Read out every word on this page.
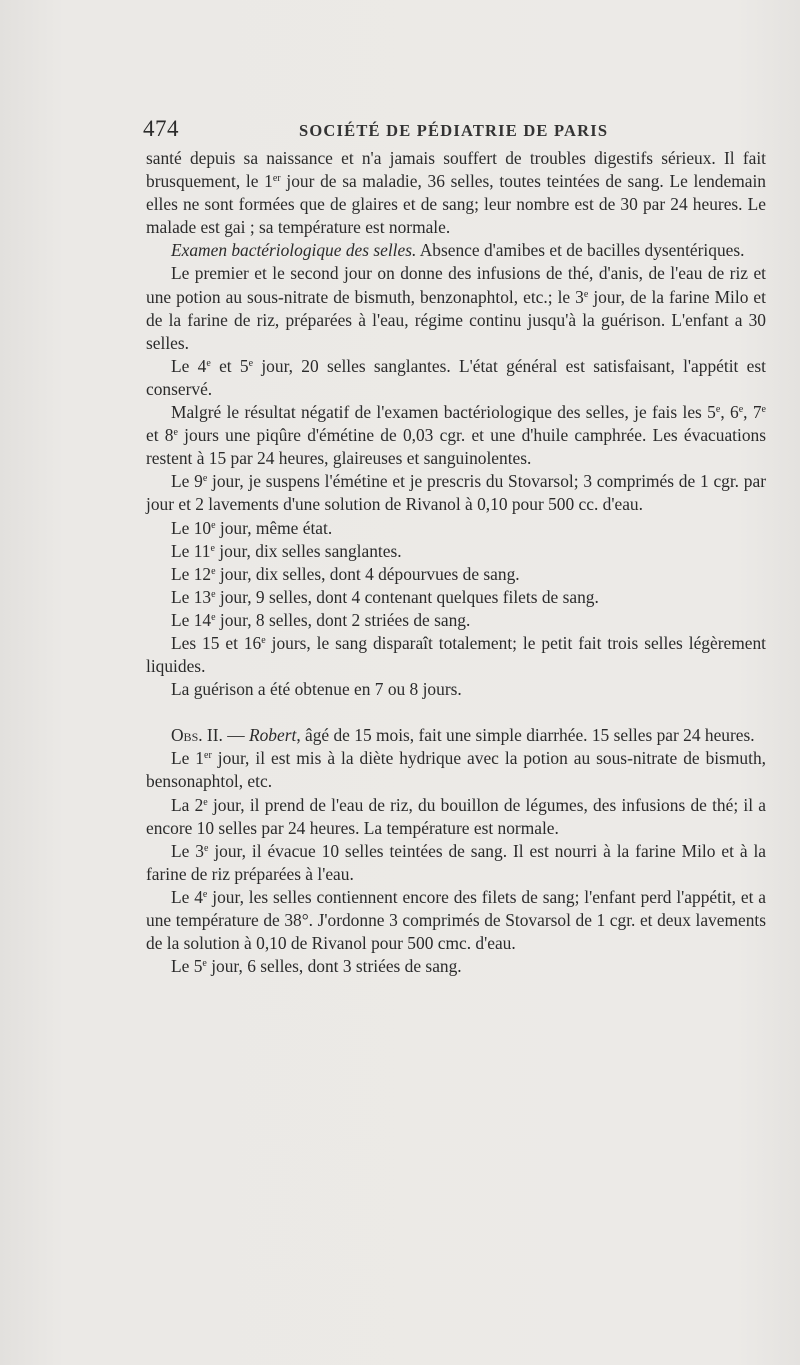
474	SOCIÉTÉ DE PÉDIATRIE DE PARIS

santé depuis sa naissance et n'a jamais souffert de troubles digestifs sérieux. Il fait brusquement, le 1er jour de sa maladie, 36 selles, toutes teintées de sang. Le lendemain elles ne sont formées que de glaires et de sang; leur nombre est de 30 par 24 heures. Le malade est gai ; sa température est normale.

Examen bactériologique des selles. Absence d'amibes et de bacilles dysentériques.

Le premier et le second jour on donne des infusions de thé, d'anis, de l'eau de riz et une potion au sous-nitrate de bismuth, benzonaphtol, etc.; le 3e jour, de la farine Milo et de la farine de riz, préparées à l'eau, régime continu jusqu'à la guérison. L'enfant a 30 selles.

Le 4e et 5e jour, 20 selles sanglantes. L'état général est satisfaisant, l'appétit est conservé.

Malgré le résultat négatif de l'examen bactériologique des selles, je fais les 5e, 6e, 7e et 8e jours une piqûre d'émétine de 0,03 cgr. et une d'huile camphrée. Les évacuations restent à 15 par 24 heures, glaireuses et sanguinolentes.

Le 9e jour, je suspens l'émétine et je prescris du Stovarsol; 3 comprimés de 1 cgr. par jour et 2 lavements d'une solution de Rivanol à 0,10 pour 500 cc. d'eau.

Le 10e jour, même état.

Le 11e jour, dix selles sanglantes.

Le 12e jour, dix selles, dont 4 dépourvues de sang.

Le 13e jour, 9 selles, dont 4 contenant quelques filets de sang.

Le 14e jour, 8 selles, dont 2 striées de sang.

Les 15 et 16e jours, le sang disparaît totalement; le petit fait trois selles légèrement liquides.

La guérison a été obtenue en 7 ou 8 jours.

Obs. II. — Robert, âgé de 15 mois, fait une simple diarrhée. 15 selles par 24 heures.

Le 1er jour, il est mis à la diète hydrique avec la potion au sous-nitrate de bismuth, bensonaphtol, etc.

La 2e jour, il prend de l'eau de riz, du bouillon de légumes, des infusions de thé; il a encore 10 selles par 24 heures. La température est normale.

Le 3e jour, il évacue 10 selles teintées de sang. Il est nourri à la farine Milo et à la farine de riz préparées à l'eau.

Le 4e jour, les selles contiennent encore des filets de sang; l'enfant perd l'appétit, et a une température de 38°. J'ordonne 3 comprimés de Stovarsol de 1 cgr. et deux lavements de la solution à 0,10 de Rivanol pour 500 cmc. d'eau.

Le 5e jour, 6 selles, dont 3 striées de sang.
